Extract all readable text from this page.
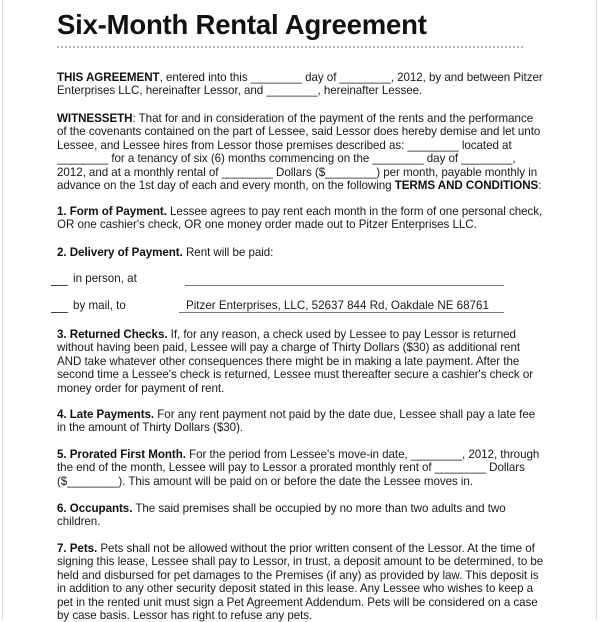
Six-Month Rental Agreement

THIS AGREEMENT, entered into this ________ day of ________, 2012, by and between Pitzer
Enterprises LLC, hereinafter Lessor, and ________, hereinafter Lessee.

WITNESSETH: That for and in consideration of the payment of the rents and the performance
of the covenants contained on the part of Lessee, said Lessor does hereby demise and let unto
Lessee, and Lessee hires from Lessor those premises described as: ________ located at
________ for a tenancy of six (6) months commencing on the ________ day of ________,
2012, and at a monthly rental of ________ Dollars ($________) per month, payable monthly in
advance on the 1st day of each and every month, on the following TERMS AND CONDITIONS:

1. Form of Payment. Lessee agrees to pay rent each month in the form of one personal check,
OR one cashier's check, OR one money order made out to Pitzer Enterprises LLC.

2. Delivery of Payment. Rent will be paid:

in person, at
by mail, to	Pitzer Enterprises, LLC, 52637 844 Rd, Oakdale NE 68761

3. Returned Checks. If, for any reason, a check used by Lessee to pay Lessor is returned
without having been paid, Lessee will pay a charge of Thirty Dollars ($30) as additional rent
AND take whatever other consequences there might be in making a late payment. After the
second time a Lessee's check is returned, Lessee must thereafter secure a cashier's check or
money order for payment of rent.

4. Late Payments. For any rent payment not paid by the date due, Lessee shall pay a late fee
in the amount of Thirty Dollars ($30).

5. Prorated First Month. For the period from Lessee's move-in date, ________, 2012, through
the end of the month, Lessee will pay to Lessor a prorated monthly rent of ________ Dollars
($________). This amount will be paid on or before the date the Lessee moves in.

6. Occupants. The said premises shall be occupied by no more than two adults and two
children.

7. Pets. Pets shall not be allowed without the prior written consent of the Lessor. At the time of
signing this lease, Lessee shall pay to Lessor, in trust, a deposit amount to be determined, to be
held and disbursed for pet damages to the Premises (if any) as provided by law. This deposit is
in addition to any other security deposit stated in this lease. Any Lessee who wishes to keep a
pet in the rented unit must sign a Pet Agreement Addendum. Pets will be considered on a case
by case basis. Lessor has right to refuse any pets.
